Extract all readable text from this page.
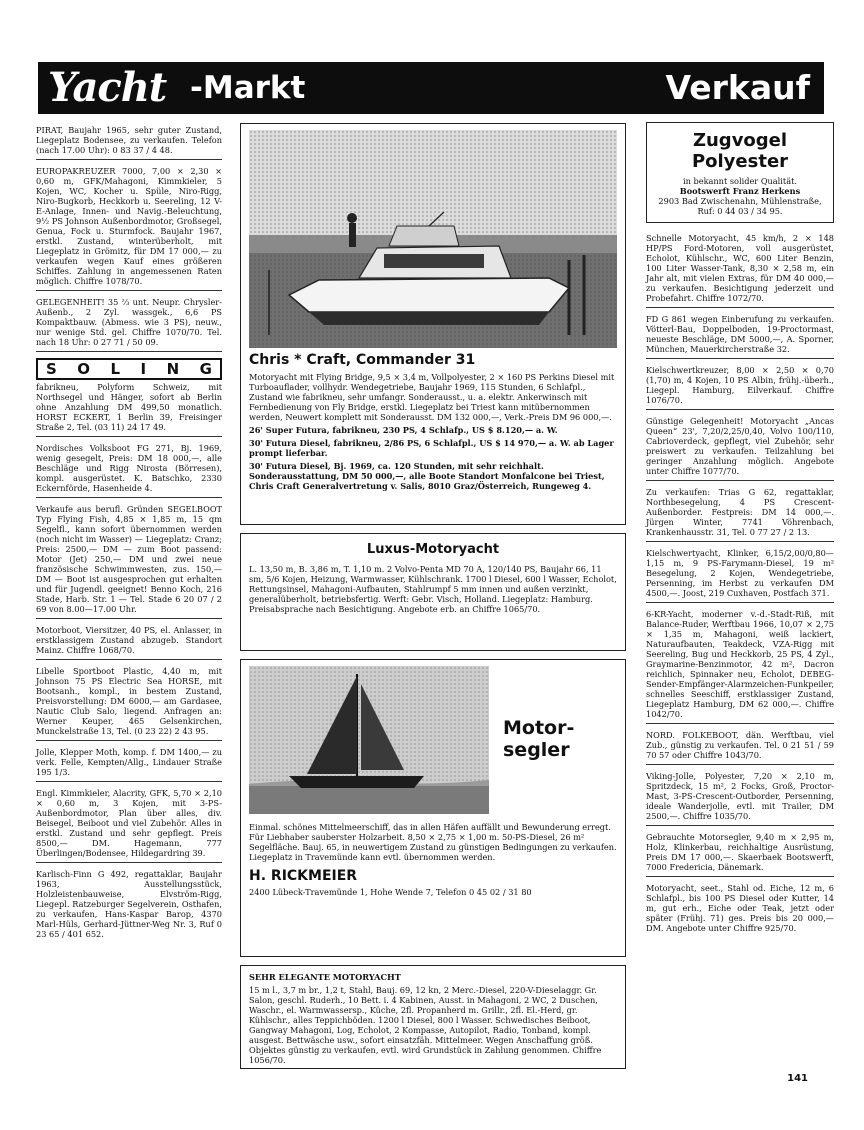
Yacht -Markt	Verkauf
PIRAT, Baujahr 1965, sehr guter Zustand, Liegeplatz Bodensee, zu verkaufen. Telefon (nach 17.00 Uhr): 0 83 37 / 4 48.
EUROPAKREUZER 7000, 7,00 × 2,30 × 0,60 m, GFK/Mahagoni, Kimmkieler, 5 Kojen, WC, Kocher u. Spüle, Niro-Rigg, Niro-Bugkorb, Heckkorb u. Seereling, 12 V-E-Anlage, Innen- und Navig.-Beleuchtung, 9½ PS Johnson Außenbordmotor, Großsegel, Genua, Fock u. Sturmfock. Baujahr 1967, erstkl. Zustand, winterüberholt, mit Liegeplatz in Grömitz, für DM 17 000,— zu verkaufen wegen Kauf eines größeren Schiffes. Zahlung in angemessenen Raten möglich. Chiffre 1078/70.
GELEGENHEIT! 35 ⅔ unt. Neupr. Chrysler-Außenb., 2 Zyl. wassgek., 6,6 PS Kompaktbauw. (Abmess. wie 3 PS), neuw., nur wenige Std. gel. Chiffre 1070/70. Tel. nach 18 Uhr: 0 27 71 / 50 09.
S O L I N G
fabrikneu, Polyform Schweiz, mit Northsegel und Hänger, sofort ab Berlin ohne Anzahlung DM 499,50 monatlich. HORST ECKERT, 1 Berlin 39, Freisinger Straße 2, Tel. (03 11) 24 17 49.
Nordisches Volksboot FG 271, Bj. 1969, wenig gesegelt, Preis: DM 18 000,—, alle Beschläge und Rigg Nirosta (Börresen), kompl. ausgerüstet. K. Batschko, 2330 Eckernförde, Hasenheide 4.
Verkaufe aus berufl. Gründen SEGELBOOT Typ Flying Fish, 4,85 × 1,85 m, 15 qm Segelfl., kann sofort übernommen werden (noch nicht im Wasser) — Liegeplatz: Cranz; Preis: 2500,— DM — zum Boot passend: Motor (Jet) 250,— DM und zwei neue französische Schwimmwesten, zus. 150,— DM — Boot ist ausgesprochen gut erhalten und für Jugendl. geeignet! Benno Koch, 216 Stade, Harb. Str. 1 — Tel. Stade 6 20 07 / 2 69 von 8.00—17.00 Uhr.
Motorboot, Viersitzer, 40 PS, el. Anlasser, in erstklassigem Zustand abzugeb. Standort Mainz. Chiffre 1068/70.
Libelle Sportboot Plastic, 4,40 m, mit Johnson 75 PS Electric Sea HORSE, mit Bootsanh., kompl., in bestem Zustand, Preisvorstellung: DM 6000,— am Gardasee, Nautic Club Salo, liegend. Anfragen an: Werner Keuper, 465 Gelsenkirchen, Munckelstraße 13, Tel. (0 23 22) 2 43 95.
Jolle, Klepper Moth, komp. f. DM 1400,— zu verk. Felle, Kempten/Allg., Lindauer Straße 195 1/3.
Engl. Kimmkieler, Alacrity, GFK, 5,70 × 2,10 × 0,60 m, 3 Kojen, mit 3-PS-Außenbordmotor, Plan über alles, div. Beisegel, Beiboot und viel Zubehör. Alles in erstkl. Zustand und sehr gepflegt. Preis 8500,— DM. Hagemann, 777 Überlingen/Bodensee, Hildegardring 39.
Karlisch-Finn G 492, regattaklar, Baujahr 1963, Ausstellungsstück, Holzleistenbauweise, Elvström-Rigg, Liegepl. Ratzeburger Segelverein, Osthafen, zu verkaufen, Hans-Kaspar Barop, 4370 Marl-Hüls, Gerhard-Jüttner-Weg Nr. 3, Ruf 0 23 65 / 401 652.
Chris * Craft, Commander 31

Motoryacht mit Flying Bridge, 9,5 × 3,4 m, Vollpolyester, 2 × 160 PS Perkins Diesel mit Turboauflader, vollhydr. Wendegetriebe, Baujahr 1969, 115 Stunden, 6 Schlafpl., Zustand wie fabrikneu, sehr umfangr. Sonderausst., u. a. elektr. Ankerwinsch mit Fernbedienung von Fly Bridge, erstkl. Liegeplatz bei Triest kann mitübernommen werden, Neuwert komplett mit Sonderausst. DM 132 000,—, Verk.-Preis DM 96 000,—.

26' Super Futura, fabrikneu, 230 PS, 4 Schlafp., US $ 8.120,— a. W.

30' Futura Diesel, fabrikneu, 2/86 PS, 6 Schlafpl., US $ 14 970,— a. W. ab Lager prompt lieferbar.

30' Futura Diesel, Bj. 1969, ca. 120 Stunden, mit sehr reichhalt. Sonderausstattung, DM 50 000,—, alle Boote Standort Monfalcone bei Triest, Chris Craft Generalvertretung v. Salis, 8010 Graz/Österreich, Rungeweg 4.

Luxus-Motoryacht

L. 13,50 m, B. 3,86 m, T. 1,10 m. 2 Volvo-Penta MD 70 A, 120/140 PS, Baujahr 66, 11 sm, 5/6 Kojen, Heizung, Warmwasser, Kühlschrank. 1700 l Diesel, 600 l Wasser, Echolot, Rettungsinsel, Mahagoni-Aufbauten, Stahlrumpf 5 mm innen und außen verzinkt, generalüberholt, betriebsfertig. Werft: Gebr. Visch, Holland. Liegeplatz: Hamburg. Preisabsprache nach Besichtigung. Angebote erb. an Chiffre 1065/70.

Motor-
segler

Einmal. schönes Mittelmeerschiff, das in allen Häfen auffällt und Bewunderung erregt. Für Liebhaber sauberster Holzarbeit. 8,50 × 2,75 × 1,00 m. 50-PS-Diesel, 26 m² Segelfläche. Bauj. 65, in neuwertigem Zustand zu günstigen Bedingungen zu verkaufen. Liegeplatz in Travemünde kann evtl. übernommen werden.

H. RICKMEIER

2400 Lübeck-Travemünde 1, Hohe Wende 7, Telefon 0 45 02 / 31 80

SEHR ELEGANTE MOTORYACHT

15 m l., 3,7 m br., 1,2 t, Stahl, Bauj. 69, 12 kn, 2 Merc.-Diesel, 220-V-Dieselaggr. Gr. Salon, geschl. Ruderh., 10 Bett. i. 4 Kabinen, Ausst. in Mahagoni, 2 WC, 2 Duschen, Waschr., el. Warmwassersp., Küche, 2fl. Propanherd m. Grillr., 2fl. El.-Herd, gr. Kühlschr., alles Teppichböden. 1200 l Diesel, 800 l Wasser. Schwedisches Beiboot, Gangway Mahagoni, Log, Echolot, 2 Kompasse, Autopilot, Radio, Tonband, kompl. ausgest. Bettwäsche usw., sofort einsatzfäh. Mittelmeer. Wegen Anschaffung größ. Objektes günstig zu verkaufen, evtl. wird Grundstück in Zahlung genommen. Chiffre 1056/70.

Zugvogel
Polyester

in bekannt solider Qualität.

Bootswerft Franz Herkens

2903 Bad Zwischenahn, Mühlenstraße, Ruf: 0 44 03 / 34 95.

Schnelle Motoryacht, 45 km/h, 2 × 148 HP/PS Ford-Motoren, voll ausgerüstet, Echolot, Kühlschr., WC, 600 Liter Benzin, 100 Liter Wasser-Tank, 8,30 × 2,58 m, ein Jahr alt, mit vielen Extras, für DM 40 000,— zu verkaufen. Besichtigung jederzeit und Probefahrt. Chiffre 1072/70.
FD G 861 wegen Einberufung zu verkaufen. Vötterl-Bau, Doppelboden, 19-Proctormast, neueste Beschläge, DM 5000,—, A. Sporner, München, Mauerkircherstraße 32.
Kielschwertkreuzer, 8,00 × 2,50 × 0,70 (1,70) m, 4 Kojen, 10 PS Albin, frühj.-überh., Liegepl. Hamburg, Eilverkauf. Chiffre 1076/70.
Günstige Gelegenheit! Motoryacht „Ancas Queen“ 23', 7,20/2,25/0,40, Volvo 100/110, Cabrioverdeck, gepflegt, viel Zubehör, sehr preiswert zu verkaufen. Teilzahlung bei geringer Anzahlung möglich. Angebote unter Chiffre 1077/70.
Zu verkaufen: Trias G 62, regattaklar, Northbesegelung, 4 PS Crescent-Außenborder. Festpreis: DM 14 000,—. Jürgen Winter, 7741 Vöhrenbach, Krankenhausstr. 31, Tel. 0 77 27 / 2 13.
Kielschwertyacht, Klinker, 6,15/2,00/0,80—1,15 m, 9 PS-Farymann-Diesel, 19 m² Besegelung, 2 Kojen, Wendegetriebe, Persenning, im Herbst zu verkaufen DM 4500,—. Joost, 219 Cuxhaven, Postfach 371.
6-KR-Yacht, moderner v.-d.-Stadt-Riß, mit Balance-Ruder, Werftbau 1966, 10,07 × 2,75 × 1,35 m, Mahagoni, weiß lackiert, Naturaufbauten, Teakdeck, VZA-Rigg mit Seereling, Bug und Heckkorb, 25 PS, 4 Zyl., Graymarine-Benzinmotor, 42 m², Dacron reichlich, Spinnaker neu, Echolot, DEBEG-Sender-Empfänger-Alarmzeichen-Funkpeiler, schnelles Seeschiff, erstklassiger Zustand, Liegeplatz Hamburg, DM 62 000,—. Chiffre 1042/70.
NORD. FOLKEBOOT, dän. Werftbau, viel Zub., günstig zu verkaufen. Tel. 0 21 51 / 59 70 57 oder Chiffre 1043/70.
Viking-Jolle, Polyester, 7,20 × 2,10 m, Spritzdeck, 15 m², 2 Focks, Groß, Proctor-Mast, 3-PS-Crescent-Outborder, Persenning, ideale Wanderjolle, evtl. mit Trailer, DM 2500,—. Chiffre 1035/70.
Gebrauchte Motorsegler, 9,40 m × 2,95 m, Holz, Klinkerbau, reichhaltige Ausrüstung, Preis DM 17 000,—. Skaerbaek Bootswerft, 7000 Fredericia, Dänemark.
Motoryacht, seet., Stahl od. Eiche, 12 m, 6 Schlafpl., bis 100 PS Diesel oder Kutter, 14 m, gut erh., Eiche oder Teak, jetzt oder später (Frühj. 71) ges. Preis bis 20 000,— DM. Angebote unter Chiffre 925/70.
141
